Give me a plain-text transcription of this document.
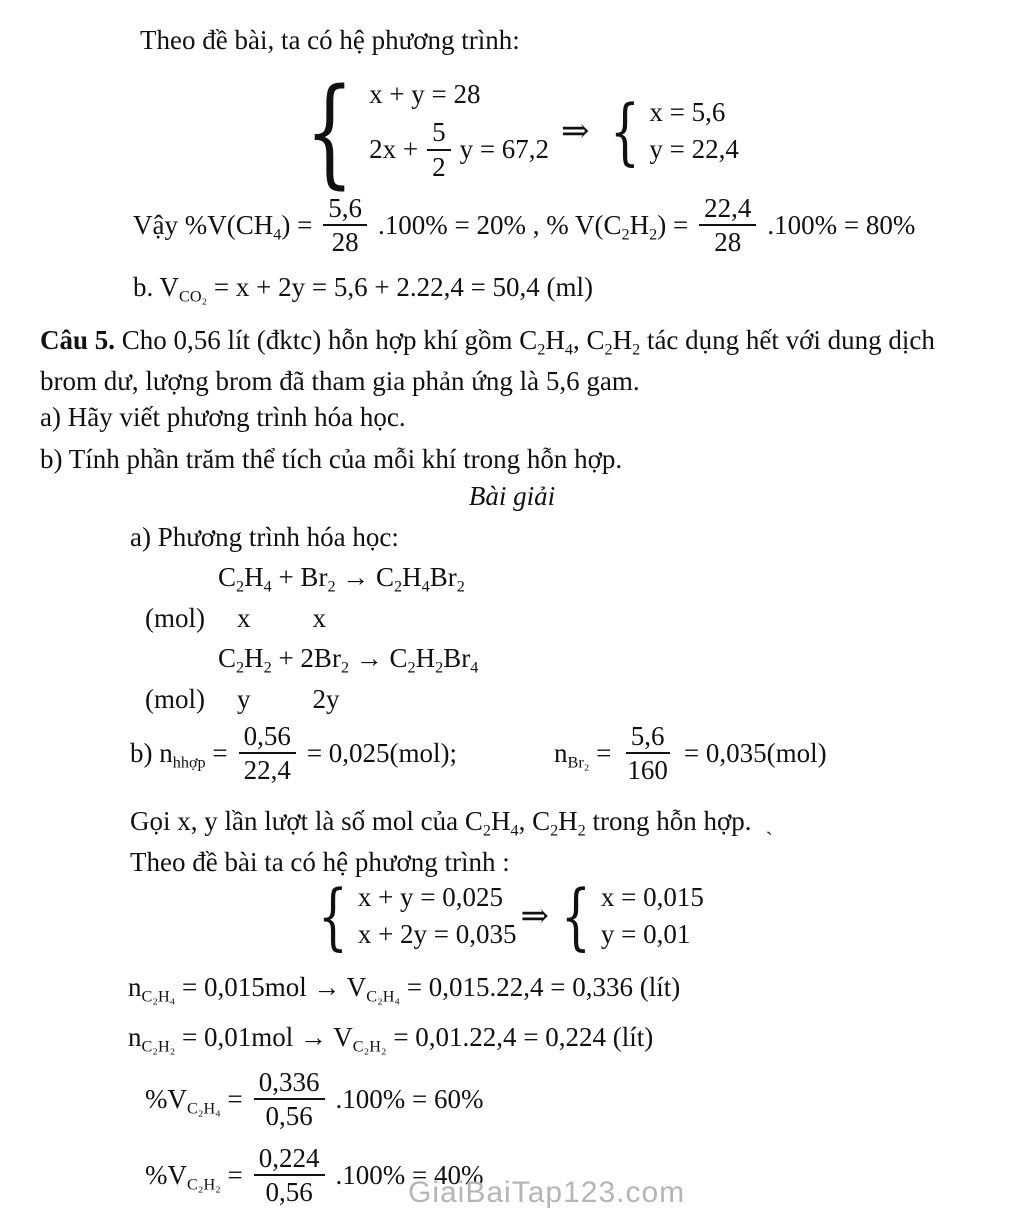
Theo đề bài, ta có hệ phương trình:
{ x + y = 28
$2x + \frac{5}{2}$ y = 67,2 ⇒ { x = 5,6
y = 22,4
Vậy $\%V(CH_4) = \frac{5,6}{28} .100\% = 20\%$ , % $V(C_2H_2) = \frac{22,4}{28} .100\% = 80\%$
b. $V_{CO_2} = x + 2y = 5,6 + 2.22,4 = 50,4$ (ml)
Câu 5. Cho 0,56 lít (đktc) hỗn hợp khí gồm $C_2H_4$, $C_2H_2$ tác dụng hết với dung dịch brom dư, lượng brom đã tham gia phản ứng là 5,6 gam.
a) Hãy viết phương trình hóa học.
b) Tính phần trăm thể tích của mỗi khí trong hỗn hợp.
Bài giải
a) Phương trình hóa học:
$C_2H_4 + Br_2 \to C_2H_4Br_2$
(mol) x x
$C_2H_2 + 2Br_2 \to C_2H_2Br_4$
(mol) y 2y
b) $n_{hhợp} = \frac{0,56}{22,4} = 0,025(mol)$;	$n_{Br_2} = \frac{5,6}{160} = 0,035(mol)$
Gọi x, y lần lượt là số mol của $C_2H_4$, $C_2H_2$ trong hỗn hợp. ˎ
Theo đề bài ta có hệ phương trình :
{ x + y = 0,025
x + 2y = 0,035 ⇒ { x = 0,015
y = 0,01
$n_{C_2H_4} = 0,015mol \to V_{C_2H_4} = 0,015.22,4 = 0,336$ (lít)
$n_{C_2H_2} = 0,01mol \to V_{C_2H_2} = 0,01.22,4 = 0,224$ (lít)
$\%V_{C_2H_4} = \frac{0,336}{0,56} .100\% = 60\%$
$\%V_{C_2H_2} = \frac{0,224}{0,56} .100\% = 40\%$
GiaiBaiTap123.com
